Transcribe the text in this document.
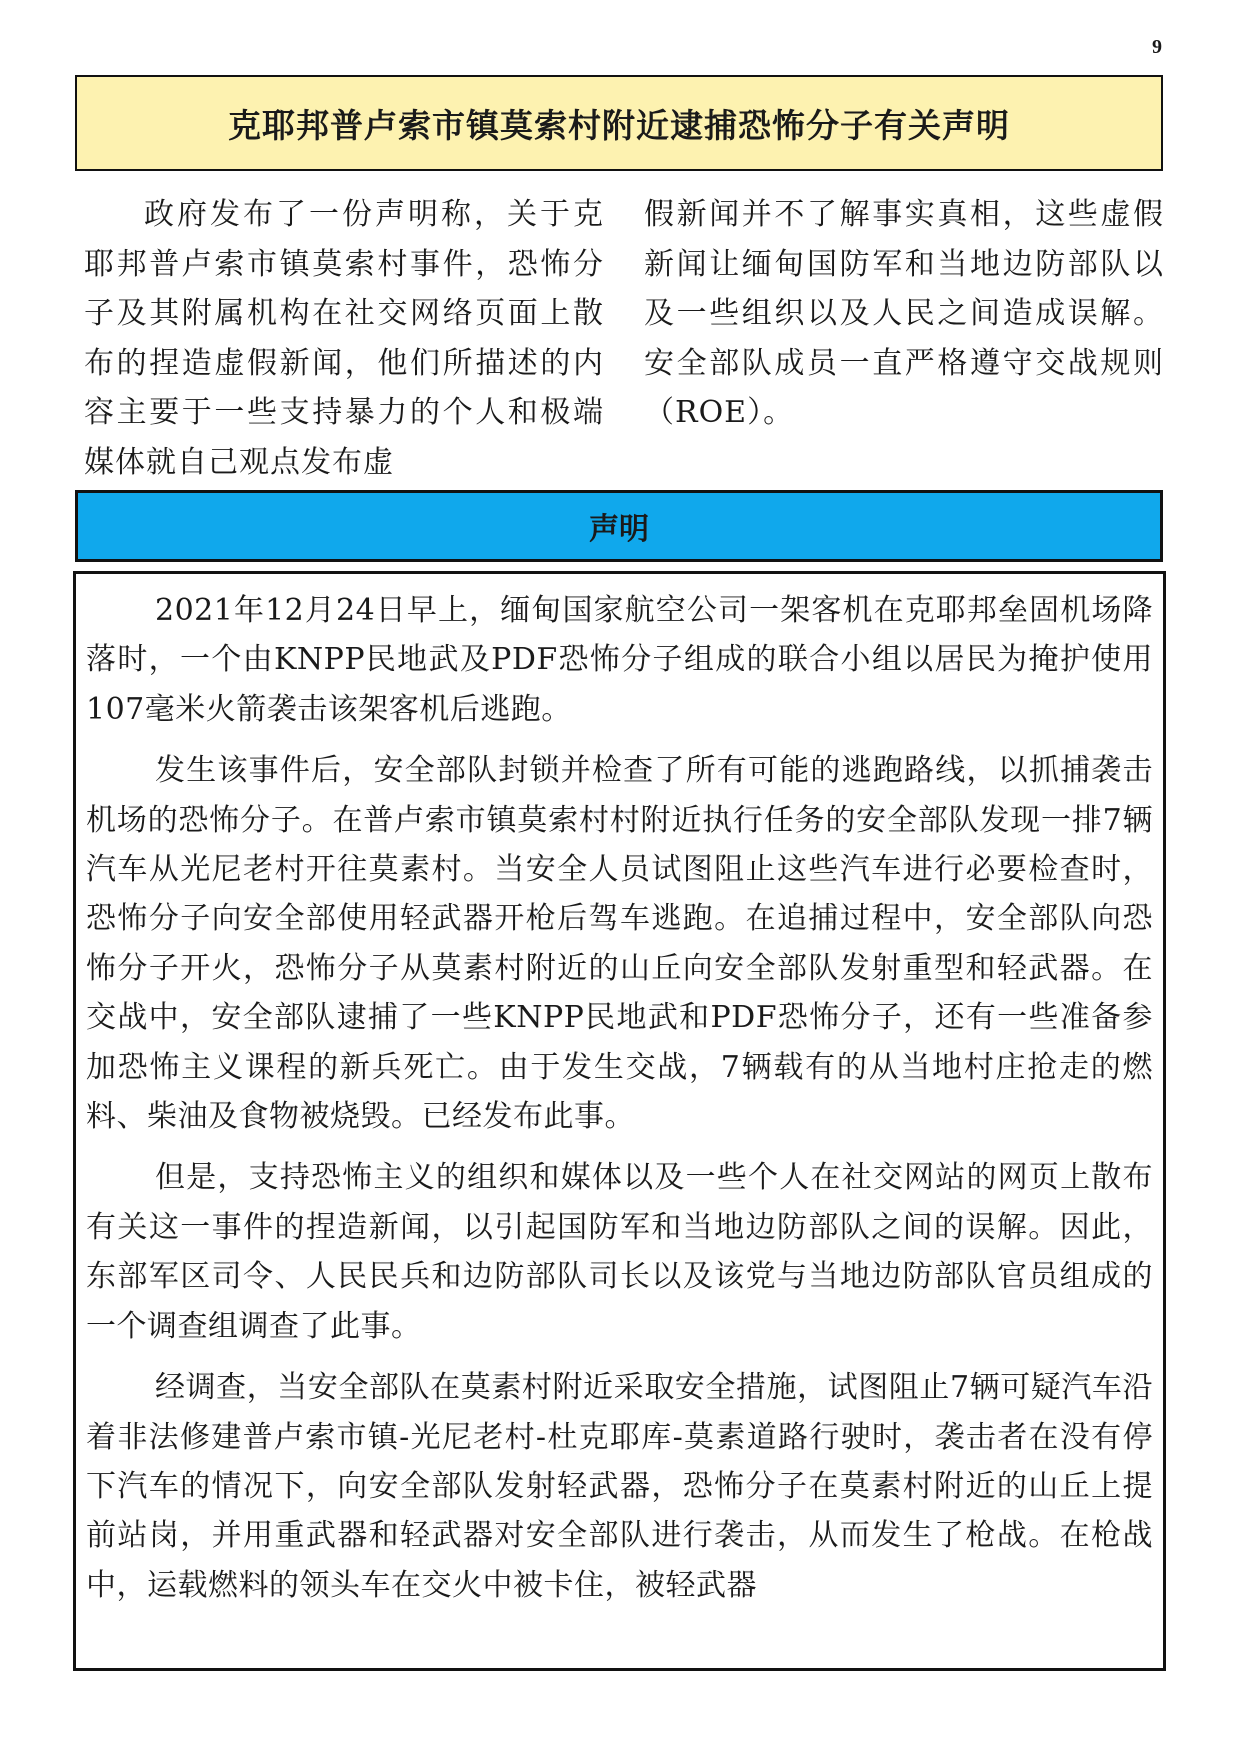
9
克耶邦普卢索市镇莫索村附近逮捕恐怖分子有关声明

政府发布了一份声明称，关于克耶邦普卢索市镇莫索村事件，恐怖分子及其附属机构在社交网络页面上散布的捏造虚假新闻，他们所描述的内容主要于一些支持暴力的个人和极端媒体就自己观点发布虚

假新闻并不了解事实真相，这些虚假新闻让缅甸国防军和当地边防部队以及一些组织以及人民之间造成误解。安全部队成员一直严格遵守交战规则（ROE）。

声明

2021年12月24日早上，缅甸国家航空公司一架客机在克耶邦垒固机场降落时，一个由KNPP民地武及PDF恐怖分子组成的联合小组以居民为掩护使用107毫米火箭袭击该架客机后逃跑。

发生该事件后，安全部队封锁并检查了所有可能的逃跑路线，以抓捕袭击机场的恐怖分子。在普卢索市镇莫索村村附近执行任务的安全部队发现一排7辆汽车从光尼老村开往莫素村。当安全人员试图阻止这些汽车进行必要检查时，恐怖分子向安全部使用轻武器开枪后驾车逃跑。在追捕过程中，安全部队向恐怖分子开火，恐怖分子从莫素村附近的山丘向安全部队发射重型和轻武器。在交战中，安全部队逮捕了一些KNPP民地武和PDF恐怖分子，还有一些准备参加恐怖主义课程的新兵死亡。由于发生交战，7辆载有的从当地村庄抢走的燃料、柴油及食物被烧毁。已经发布此事。

但是，支持恐怖主义的组织和媒体以及一些个人在社交网站的网页上散布有关这一事件的捏造新闻，以引起国防军和当地边防部队之间的误解。因此，东部军区司令、人民民兵和边防部队司长以及该党与当地边防部队官员组成的一个调查组调查了此事。

经调查，当安全部队在莫素村附近采取安全措施，试图阻止7辆可疑汽车沿着非法修建普卢索市镇-光尼老村-杜克耶库-莫素道路行驶时，袭击者在没有停下汽车的情况下，向安全部队发射轻武器，恐怖分子在莫素村附近的山丘上提前站岗，并用重武器和轻武器对安全部队进行袭击，从而发生了枪战。在枪战中，运载燃料的领头车在交火中被卡住，被轻武器
